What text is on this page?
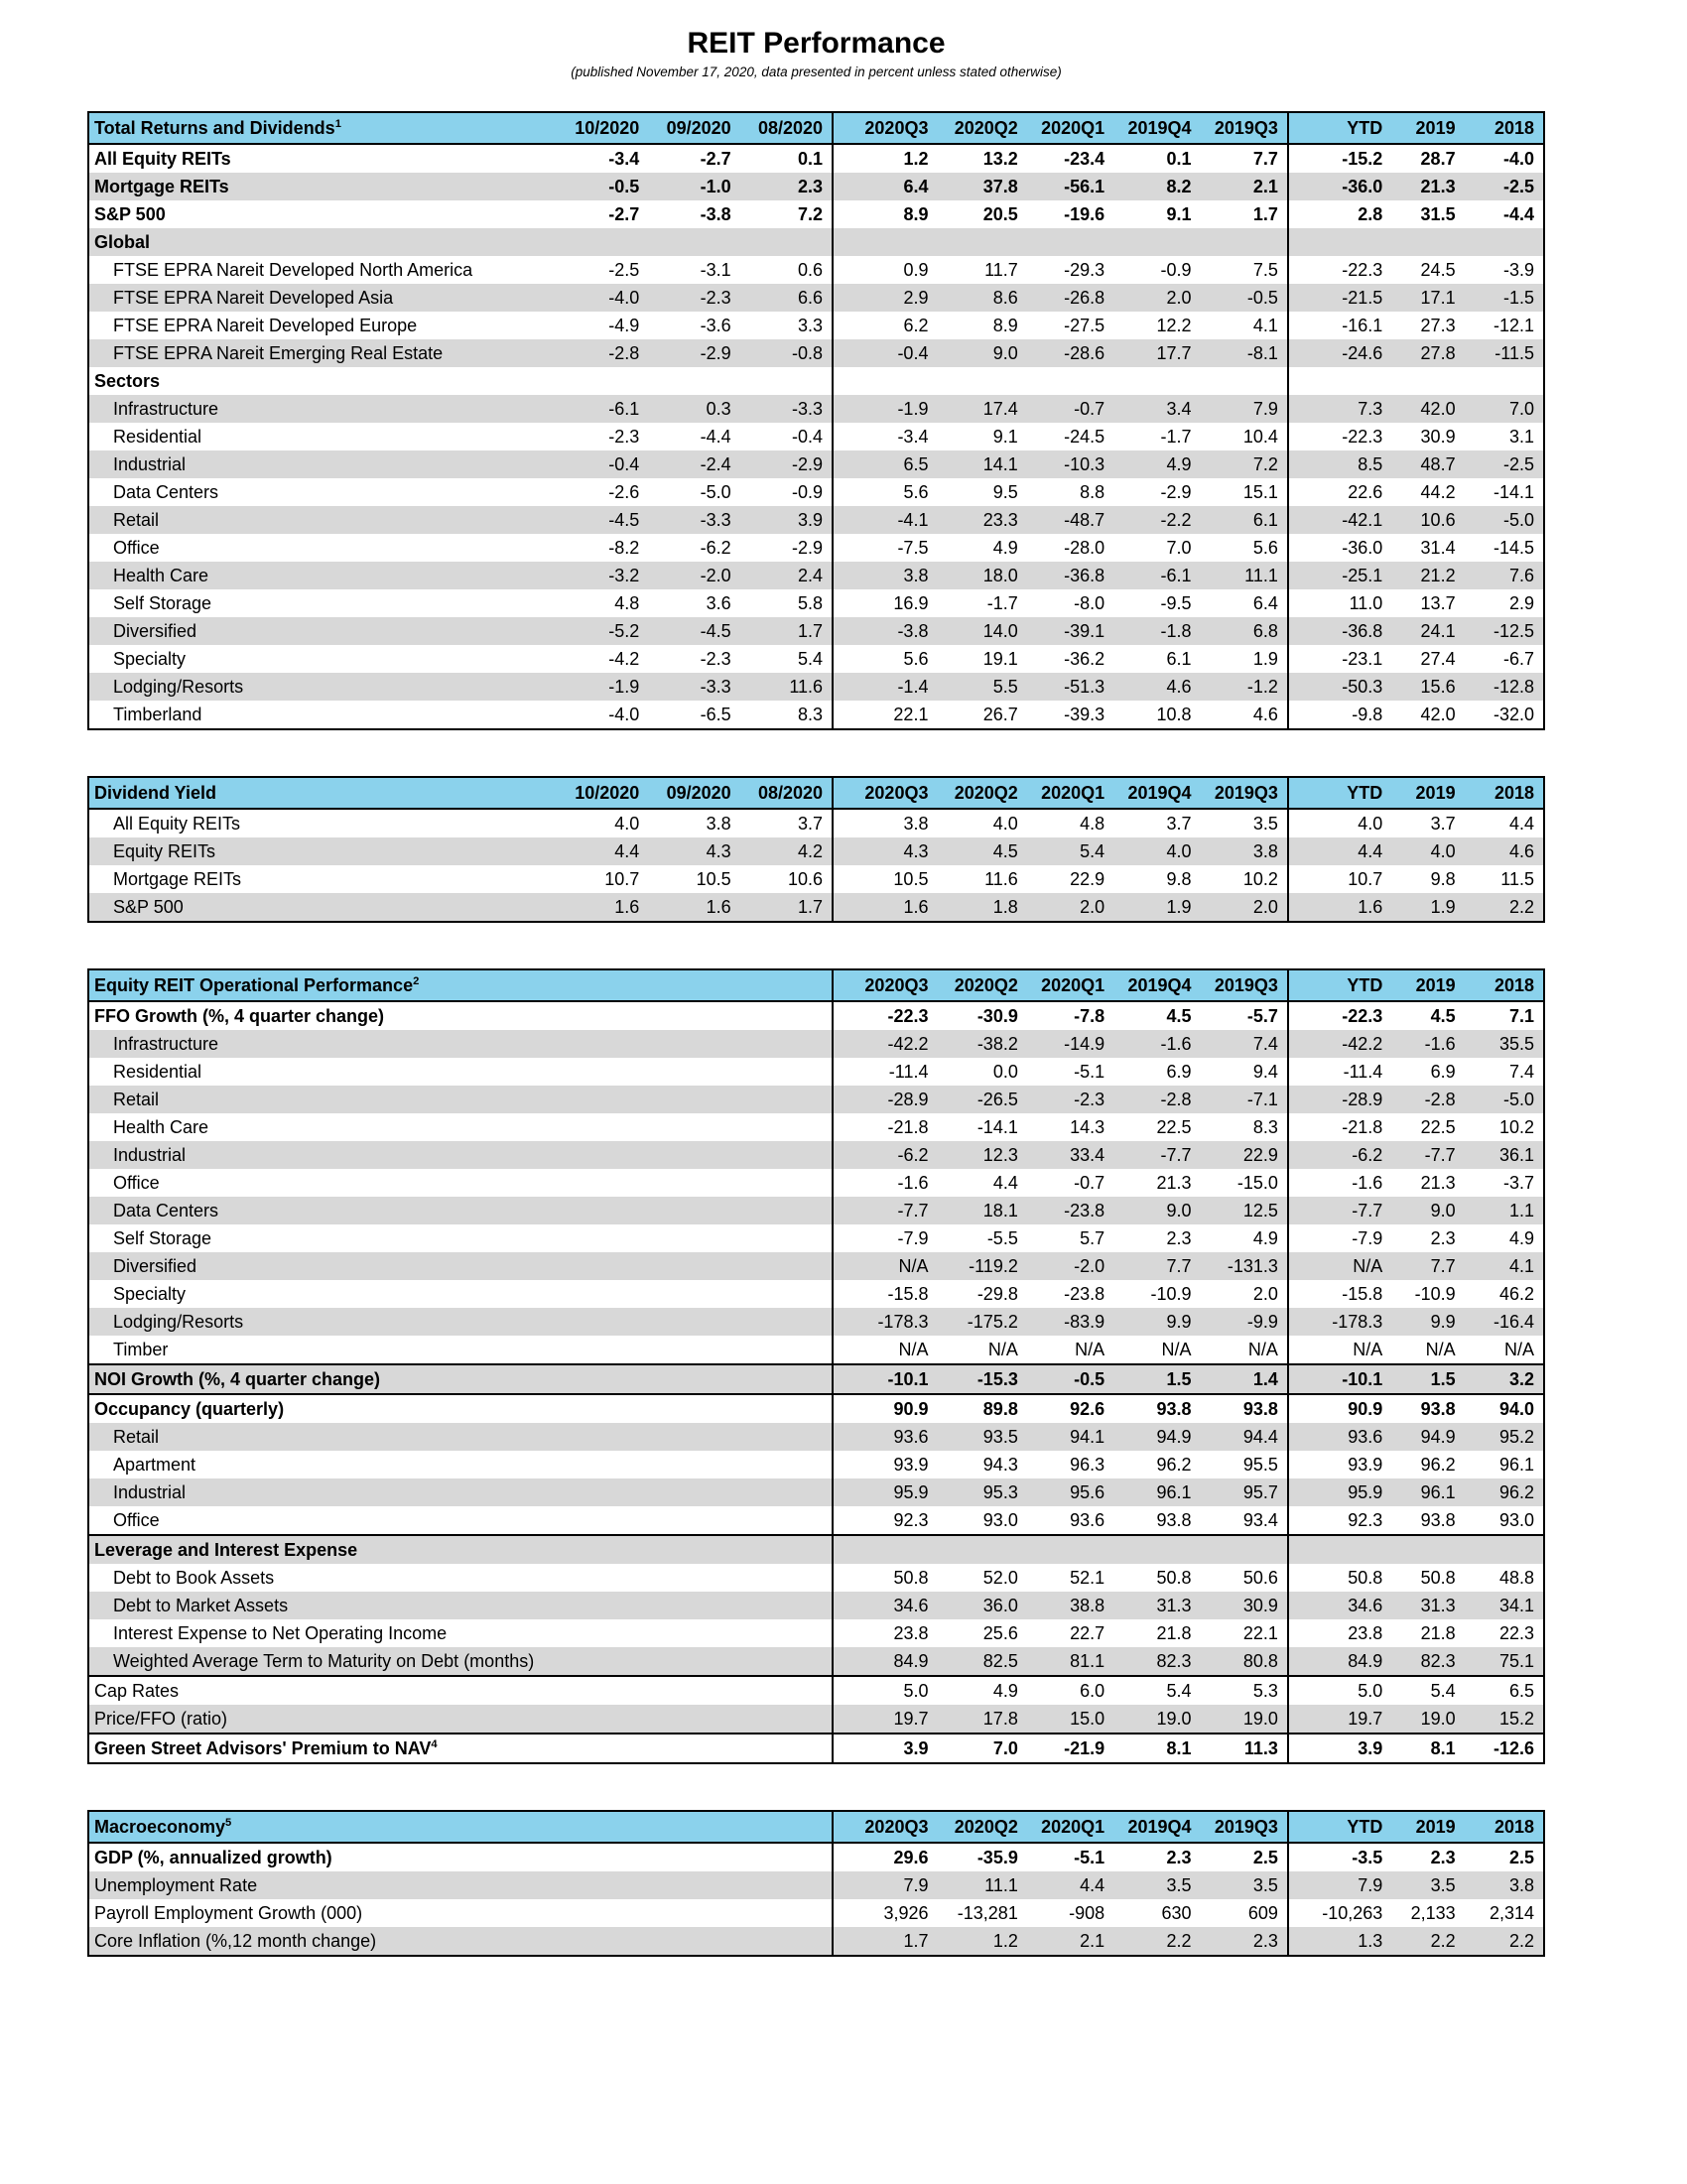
REIT Performance
(published November 17, 2020, data presented in percent unless stated otherwise)
Total Returns and Dividends$^1$	10/2020	09/2020	08/2020	2020Q3	2020Q2	2020Q1	2019Q4	2019Q3	YTD	2019	2018
All Equity REITs	-3.4	-2.7	0.1	1.2	13.2	-23.4	0.1	7.7	-15.2	28.7	-4.0
Mortgage REITs	-0.5	-1.0	2.3	6.4	37.8	-56.1	8.2	2.1	-36.0	21.3	-2.5
S&P 500	-2.7	-3.8	7.2	8.9	20.5	-19.6	9.1	1.7	2.8	31.5	-4.4
Global											
FTSE EPRA Nareit Developed North America	-2.5	-3.1	0.6	0.9	11.7	-29.3	-0.9	7.5	-22.3	24.5	-3.9
FTSE EPRA Nareit Developed Asia	-4.0	-2.3	6.6	2.9	8.6	-26.8	2.0	-0.5	-21.5	17.1	-1.5
FTSE EPRA Nareit Developed Europe	-4.9	-3.6	3.3	6.2	8.9	-27.5	12.2	4.1	-16.1	27.3	-12.1
FTSE EPRA Nareit Emerging Real Estate	-2.8	-2.9	-0.8	-0.4	9.0	-28.6	17.7	-8.1	-24.6	27.8	-11.5
Sectors											
Infrastructure	-6.1	0.3	-3.3	-1.9	17.4	-0.7	3.4	7.9	7.3	42.0	7.0
Residential	-2.3	-4.4	-0.4	-3.4	9.1	-24.5	-1.7	10.4	-22.3	30.9	3.1
Industrial	-0.4	-2.4	-2.9	6.5	14.1	-10.3	4.9	7.2	8.5	48.7	-2.5
Data Centers	-2.6	-5.0	-0.9	5.6	9.5	8.8	-2.9	15.1	22.6	44.2	-14.1
Retail	-4.5	-3.3	3.9	-4.1	23.3	-48.7	-2.2	6.1	-42.1	10.6	-5.0
Office	-8.2	-6.2	-2.9	-7.5	4.9	-28.0	7.0	5.6	-36.0	31.4	-14.5
Health Care	-3.2	-2.0	2.4	3.8	18.0	-36.8	-6.1	11.1	-25.1	21.2	7.6
Self Storage	4.8	3.6	5.8	16.9	-1.7	-8.0	-9.5	6.4	11.0	13.7	2.9
Diversified	-5.2	-4.5	1.7	-3.8	14.0	-39.1	-1.8	6.8	-36.8	24.1	-12.5
Specialty	-4.2	-2.3	5.4	5.6	19.1	-36.2	6.1	1.9	-23.1	27.4	-6.7
Lodging/Resorts	-1.9	-3.3	11.6	-1.4	5.5	-51.3	4.6	-1.2	-50.3	15.6	-12.8
Timberland	-4.0	-6.5	8.3	22.1	26.7	-39.3	10.8	4.6	-9.8	42.0	-32.0
Dividend Yield	10/2020	09/2020	08/2020	2020Q3	2020Q2	2020Q1	2019Q4	2019Q3	YTD	2019	2018
All Equity REITs	4.0	3.8	3.7	3.8	4.0	4.8	3.7	3.5	4.0	3.7	4.4
Equity REITs	4.4	4.3	4.2	4.3	4.5	5.4	4.0	3.8	4.4	4.0	4.6
Mortgage REITs	10.7	10.5	10.6	10.5	11.6	22.9	9.8	10.2	10.7	9.8	11.5
S&P 500	1.6	1.6	1.7	1.6	1.8	2.0	1.9	2.0	1.6	1.9	2.2
Equity REIT Operational Performance$^2$	2020Q3	2020Q2	2020Q1	2019Q4	2019Q3	YTD	2019	2018
FFO Growth (%, 4 quarter change)	-22.3	-30.9	-7.8	4.5	-5.7	-22.3	4.5	7.1
Infrastructure	-42.2	-38.2	-14.9	-1.6	7.4	-42.2	-1.6	35.5
Residential	-11.4	0.0	-5.1	6.9	9.4	-11.4	6.9	7.4
Retail	-28.9	-26.5	-2.3	-2.8	-7.1	-28.9	-2.8	-5.0
Health Care	-21.8	-14.1	14.3	22.5	8.3	-21.8	22.5	10.2
Industrial	-6.2	12.3	33.4	-7.7	22.9	-6.2	-7.7	36.1
Office	-1.6	4.4	-0.7	21.3	-15.0	-1.6	21.3	-3.7
Data Centers	-7.7	18.1	-23.8	9.0	12.5	-7.7	9.0	1.1
Self Storage	-7.9	-5.5	5.7	2.3	4.9	-7.9	2.3	4.9
Diversified	N/A	-119.2	-2.0	7.7	-131.3	N/A	7.7	4.1
Specialty	-15.8	-29.8	-23.8	-10.9	2.0	-15.8	-10.9	46.2
Lodging/Resorts	-178.3	-175.2	-83.9	9.9	-9.9	-178.3	9.9	-16.4
Timber	N/A	N/A	N/A	N/A	N/A	N/A	N/A	N/A
NOI Growth (%, 4 quarter change)	-10.1	-15.3	-0.5	1.5	1.4	-10.1	1.5	3.2
Occupancy (quarterly)	90.9	89.8	92.6	93.8	93.8	90.9	93.8	94.0
Retail	93.6	93.5	94.1	94.9	94.4	93.6	94.9	95.2
Apartment	93.9	94.3	96.3	96.2	95.5	93.9	96.2	96.1
Industrial	95.9	95.3	95.6	96.1	95.7	95.9	96.1	96.2
Office	92.3	93.0	93.6	93.8	93.4	92.3	93.8	93.0
Leverage and Interest Expense								
Debt to Book Assets	50.8	52.0	52.1	50.8	50.6	50.8	50.8	48.8
Debt to Market Assets	34.6	36.0	38.8	31.3	30.9	34.6	31.3	34.1
Interest Expense to Net Operating Income	23.8	25.6	22.7	21.8	22.1	23.8	21.8	22.3
Weighted Average Term to Maturity on Debt (months)	84.9	82.5	81.1	82.3	80.8	84.9	82.3	75.1
Cap Rates	5.0	4.9	6.0	5.4	5.3	5.0	5.4	6.5
Price/FFO (ratio)	19.7	17.8	15.0	19.0	19.0	19.7	19.0	15.2
Green Street Advisors' Premium to NAV$^4$	3.9	7.0	-21.9	8.1	11.3	3.9	8.1	-12.6
Macroeconomy$^5$	2020Q3	2020Q2	2020Q1	2019Q4	2019Q3	YTD	2019	2018
GDP (%, annualized growth)	29.6	-35.9	-5.1	2.3	2.5	-3.5	2.3	2.5
Unemployment Rate	7.9	11.1	4.4	3.5	3.5	7.9	3.5	3.8
Payroll Employment Growth (000)	3,926	-13,281	-908	630	609	-10,263	2,133	2,314
Core Inflation (%,12 month change)	1.7	1.2	2.1	2.2	2.3	1.3	2.2	2.2
